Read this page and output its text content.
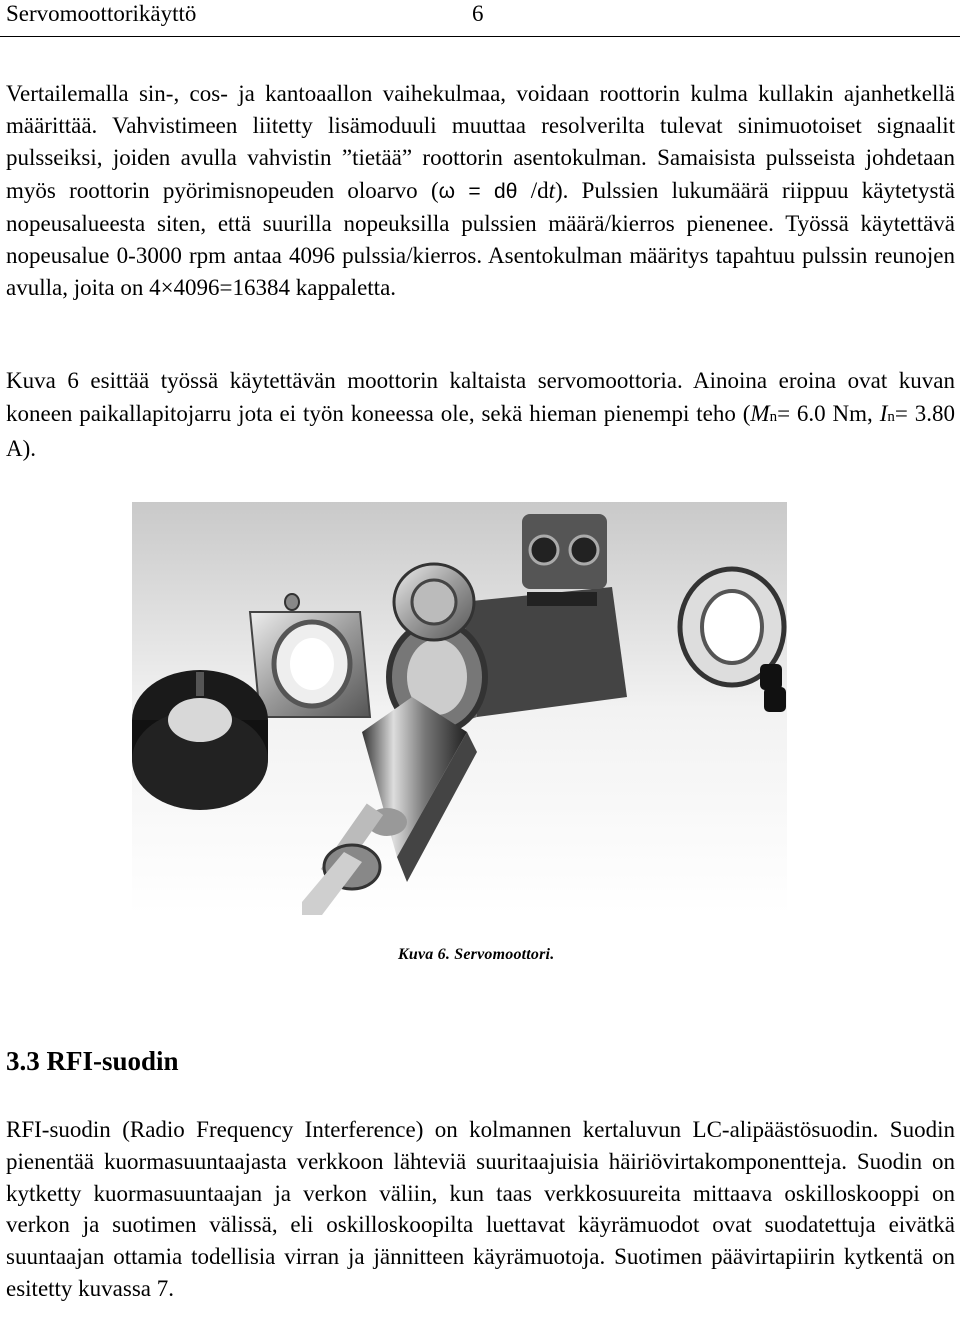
Servomoottorikäyttö	6

Vertailemalla sin-, cos- ja kantoaallon vaihekulmaa, voidaan roottorin kulma kullakin ajanhetkellä määrittää. Vahvistimeen liitetty lisämoduuli muuttaa resolverilta tulevat sinimuotoiset signaalit pulsseiksi, joiden avulla vahvistin ”tietää” roottorin asentokulman. Samaisista pulsseista johdetaan myös roottorin pyörimisnopeuden oloarvo (ω = dθ /dt). Pulssien lukumäärä riippuu käytetystä nopeusalueesta siten, että suurilla nopeuksilla pulssien määrä/kierros pienenee. Työssä käytettävä nopeusalue 0-3000 rpm antaa 4096 pulssia/kierros. Asentokulman määritys tapahtuu pulssin reunojen avulla, joita on 4×4096=16384 kappaletta.

Kuva 6 esittää työssä käytettävän moottorin kaltaista servomoottoria. Ainoina eroina ovat kuvan koneen paikallapitojarru jota ei työn koneessa ole, sekä hieman pienempi teho (Mn= 6.0 Nm, In= 3.80 A).

Kuva 6. Servomoottori.
3.3 RFI-suodin

RFI-suodin (Radio Frequency Interference) on kolmannen kertaluvun LC-alipäästösuodin. Suodin pienentää kuormasuuntaajasta verkkoon lähteviä suuritaajuisia häiriövirtakomponentteja. Suodin on kytketty kuormasuuntaajan ja verkon väliin, kun taas verkkosuureita mittaava oskilloskooppi on verkon ja suotimen välissä, eli oskilloskoopilta luettavat käyrämuodot ovat suodatettuja eivätkä suuntaajan ottamia todellisia virran ja jännitteen käyrämuotoja. Suotimen päävirtapiirin kytkentä on esitetty kuvassa 7.
